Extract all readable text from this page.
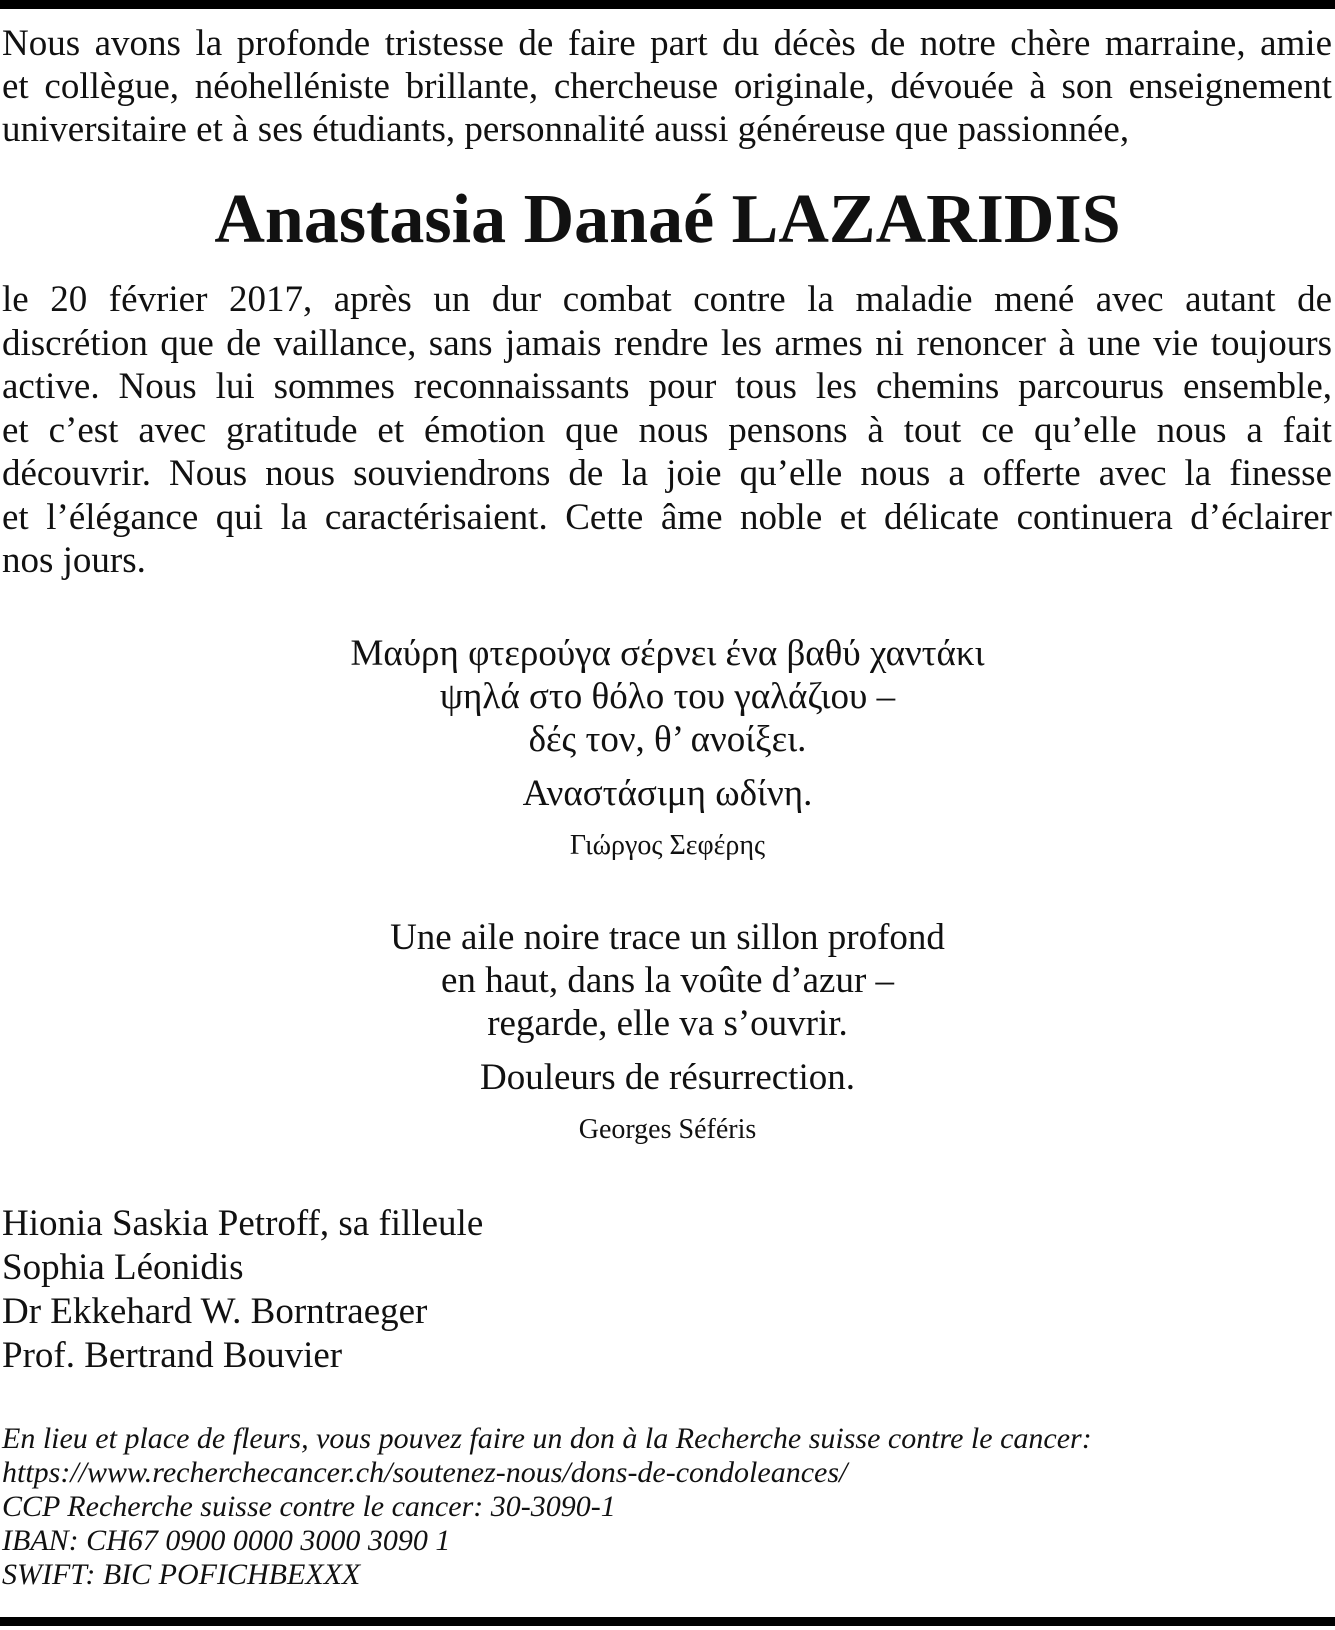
Nous avons la profonde tristesse de faire part du décès de notre chère marraine, amie
et collègue, néohelléniste brillante, chercheuse originale, dévouée à son enseignement
universitaire et à ses étudiants, personnalité aussi généreuse que passionnée,
Anastasia Danaé LAZARIDIS
le 20 février 2017, après un dur combat contre la maladie mené avec autant de
discrétion que de vaillance, sans jamais rendre les armes ni renoncer à une vie toujours
active. Nous lui sommes reconnaissants pour tous les chemins parcourus ensemble,
et c’est avec gratitude et émotion que nous pensons à tout ce qu’elle nous a fait
découvrir. Nous nous souviendrons de la joie qu’elle nous a offerte avec la finesse
et l’élégance qui la caractérisaient. Cette âme noble et délicate continuera d’éclairer
nos jours.
Μαύρη φτερούγα σέρνει ένα βαθύ χαντάκι
ψηλά στο θόλο του γαλάζιου –
δές τον, θ’ ανοίξει.
Αναστάσιμη ωδίνη.
Γιώργος Σεφέρης
Une aile noire trace un sillon profond
en haut, dans la voûte d’azur –
regarde, elle va s’ouvrir.
Douleurs de résurrection.
Georges Séféris
Hionia Saskia Petroff, sa filleule
Sophia Léonidis
Dr Ekkehard W. Borntraeger
Prof. Bertrand Bouvier
En lieu et place de fleurs, vous pouvez faire un don à la Recherche suisse contre le cancer:
https://www.recherchecancer.ch/soutenez-nous/dons-de-condoleances/
CCP Recherche suisse contre le cancer: 30-3090-1
IBAN: CH67 0900 0000 3000 3090 1
SWIFT: BIC POFICHBEXXX
